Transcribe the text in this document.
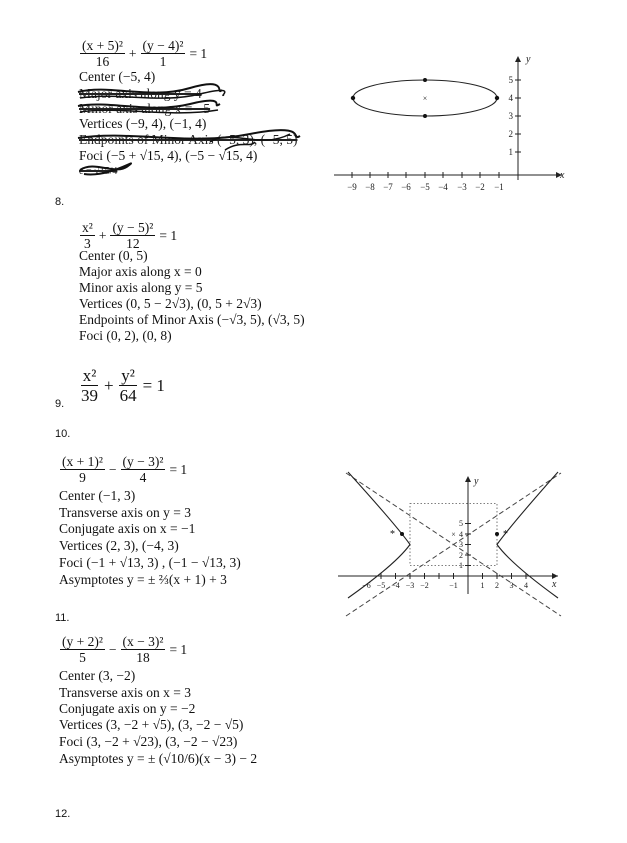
$\frac{\text{(x + 5)²}}{16} + \frac{\text{(y − 4)²}}{1} = 1$
Center (−5, 4)
Major axis along y = 4
Minor axis along x = −5
Vertices (−9, 4), (−1, 4)
Endpoints of Minor Axis (−5, 3), (−5, 5)
Foci (−5 + √15, 4), (−5 − √15, 4)
e = √15/4
−9 −8 −7 −6 −5 −4 −3 −2 −1
1
2
3
4
5
x
y
×
8.
$\frac{\text{x²}}{3} + \frac{\text{(y − 5)²}}{12} = 1$
Center (0, 5)
Major axis along x = 0
Minor axis along y = 5
Vertices (0, 5 − 2√3), (0, 5 + 2√3)
Endpoints of Minor Axis (−√3, 5), (√3, 5)
Foci (0, 2), (0, 8)
$\frac{\text{x²}}{39} + \frac{\text{y²}}{64} = 1$
9.
10.
$\frac{\text{(x + 1)²}}{9} - \frac{\text{(y − 3)²}}{4} = 1$
Center (−1, 3)
Transverse axis on y = 3
Conjugate axis on x = −1
Vertices (2, 3), (−4, 3)
Foci (−1 + √13, 3) , (−1 − √13, 3)
Asymptotes y = ± ⅔(x + 1) + 3
*	*
×
−6 −5 −4 −3 −2	−1	1 2 3 4
1
2
3
4
5
x
y
11.
$\frac{\text{(y + 2)²}}{5} - \frac{\text{(x − 3)²}}{18} = 1$
Center (3, −2)
Transverse axis on x = 3
Conjugate axis on y = −2
Vertices (3, −2 + √5), (3, −2 − √5)
Foci (3, −2 + √23), (3, −2 − √23)
Asymptotes y = ± (√10/6)(x − 3) − 2
12.
